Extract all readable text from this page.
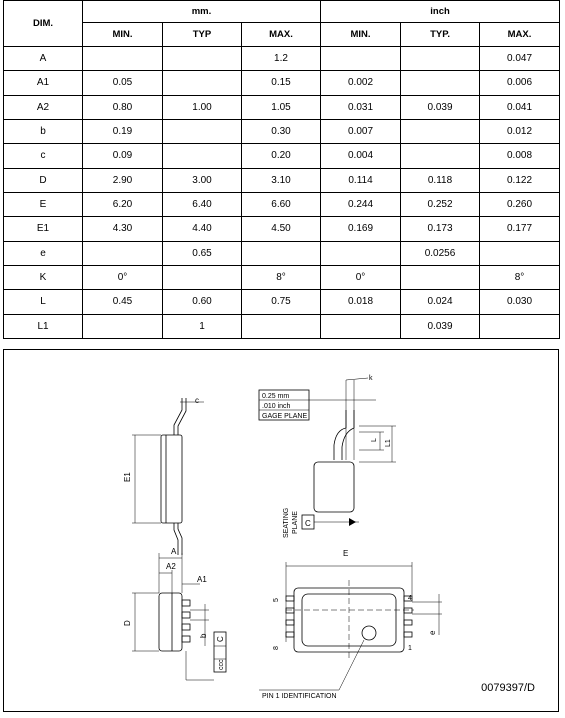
DIM.	mm.			inch		
	MIN.	TYP	MAX.	MIN.	TYP.	MAX.
A			1.2			0.047
A1	0.05		0.15	0.002		0.006
A2	0.80	1.00	1.05	0.031	0.039	0.041
b	0.19		0.30	0.007		0.012
c	0.09		0.20	0.004		0.008
D	2.90	3.00	3.10	0.114	0.118	0.122
E	6.20	6.40	6.60	0.244	0.252	0.260
E1	4.30	4.40	4.50	0.169	0.173	0.177
e		0.65			0.0256	
K	0°		8°	0°		8°
L	0.45	0.60	0.75	0.018	0.024	0.030
L1		1			0.039	
c
E1
0.25 mm
.010 inch
GAGE PLANE
k
L L1
SEATING PLANE C
A
A2
A1
D
b
ccc
C
E
5	4
8	1
e
PIN 1 IDENTIFICATION
0079397/D
